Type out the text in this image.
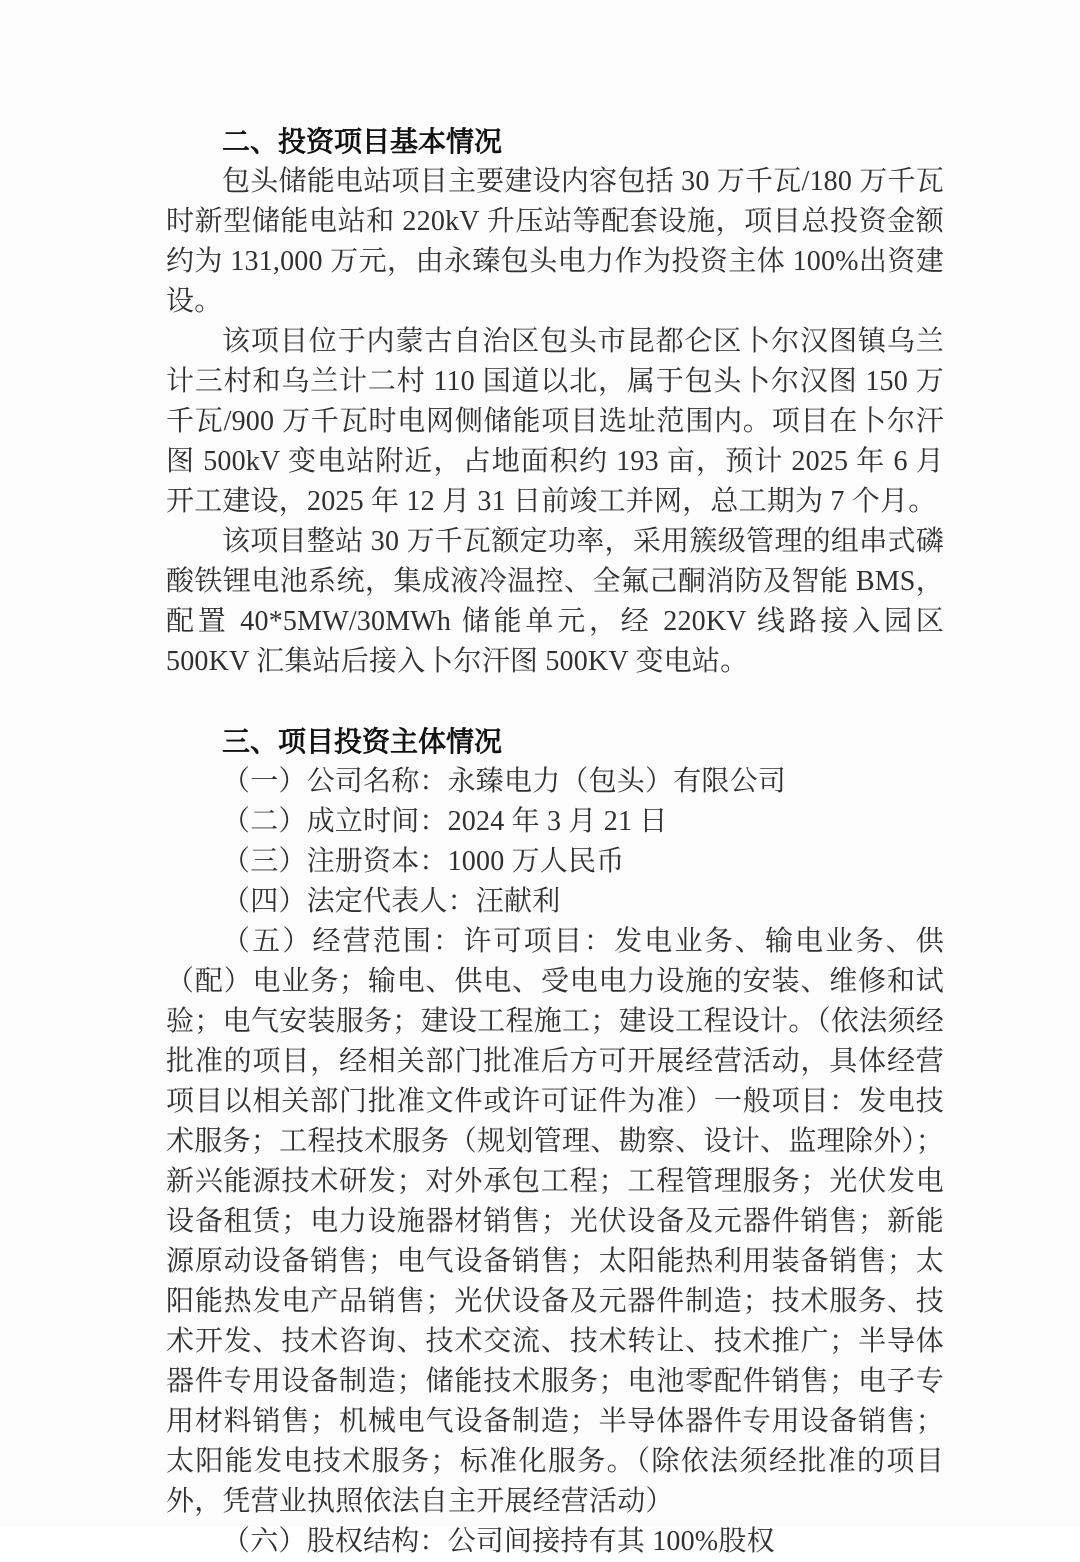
二、投资项目基本情况

包头储能电站项目主要建设内容包括 30 万千瓦/180 万千瓦时新型储能电站和 220kV 升压站等配套设施，项目总投资金额约为 131,000 万元，由永臻包头电力作为投资主体 100%出资建设。

该项目位于内蒙古自治区包头市昆都仑区卜尔汉图镇乌兰计三村和乌兰计二村 110 国道以北，属于包头卜尔汉图 150 万千瓦/900 万千瓦时电网侧储能项目选址范围内。项目在卜尔汗图 500kV 变电站附近，占地面积约 193 亩，预计 2025 年 6 月开工建设，2025 年 12 月 31 日前竣工并网，总工期为 7 个月。

该项目整站 30 万千瓦额定功率，采用簇级管理的组串式磷酸铁锂电池系统，集成液冷温控、全氟己酮消防及智能 BMS，配置 40*5MW/30MWh 储能单元，经 220KV 线路接入园区 500KV 汇集站后接入卜尔汗图 500KV 变电站。

三、项目投资主体情况

（一）公司名称：永臻电力（包头）有限公司

（二）成立时间：2024 年 3 月 21 日

（三）注册资本：1000 万人民币

（四）法定代表人：汪献利

（五）经营范围：许可项目：发电业务、输电业务、供（配）电业务；输电、供电、受电电力设施的安装、维修和试验；电气安装服务；建设工程施工；建设工程设计。（依法须经批准的项目，经相关部门批准后方可开展经营活动，具体经营项目以相关部门批准文件或许可证件为准）一般项目：发电技术服务；工程技术服务（规划管理、勘察、设计、监理除外）；新兴能源技术研发；对外承包工程；工程管理服务；光伏发电设备租赁；电力设施器材销售；光伏设备及元器件销售；新能源原动设备销售；电气设备销售；太阳能热利用装备销售；太阳能热发电产品销售；光伏设备及元器件制造；技术服务、技术开发、技术咨询、技术交流、技术转让、技术推广；半导体器件专用设备制造；储能技术服务；电池零配件销售；电子专用材料销售；机械电气设备制造；半导体器件专用设备销售；太阳能发电技术服务；标准化服务。（除依法须经批准的项目外，凭营业执照依法自主开展经营活动）

（六）股权结构：公司间接持有其 100%股权
